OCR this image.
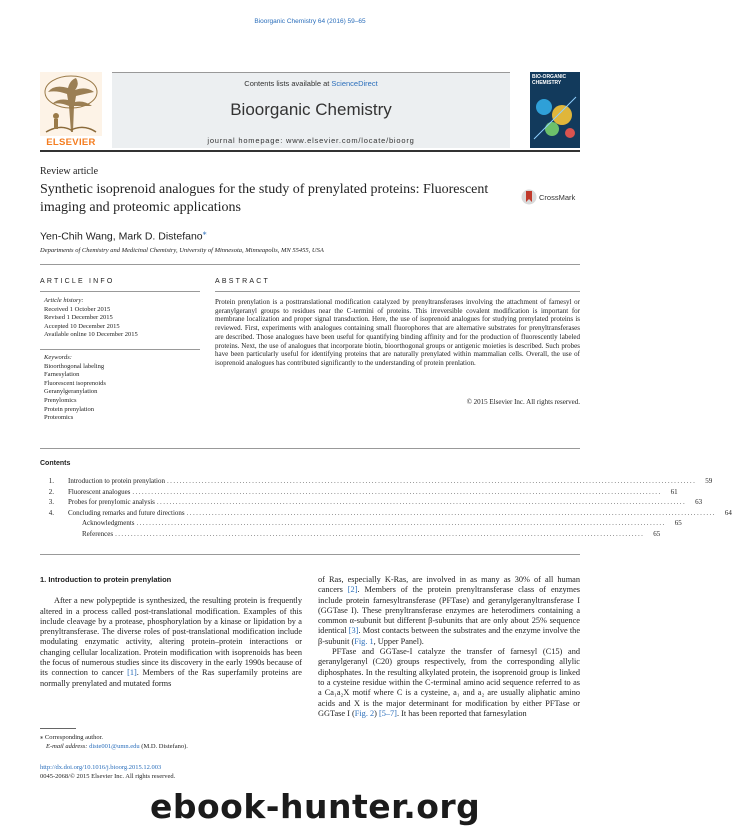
Bioorganic Chemistry 64 (2016) 59–65
ELSEVIER
Contents lists available at ScienceDirect
Bioorganic Chemistry
journal homepage: www.elsevier.com/locate/bioorg
BIO-ORGANIC CHEMISTRY
Review article
Synthetic isoprenoid analogues for the study of prenylated proteins: Fluorescent imaging and proteomic applications
CrossMark
Yen-Chih Wang, Mark D. Distefano⁎
Departments of Chemistry and Medicinal Chemistry, University of Minnesota, Minneapolis, MN 55455, USA
ARTICLE INFO	ABSTRACT
Article history:
Received 1 October 2015
Revised 1 December 2015
Accepted 10 December 2015
Available online 10 December 2015
Keywords:
Bioorthogonal labeling
Farnesylation
Fluorescent isoprenoids
Geranylgeranylation
Prenylomics
Protein prenylation
Proteomics
Protein prenylation is a posttranslational modification catalyzed by prenyltransferases involving the attachment of farnesyl or geranylgeranyl groups to residues near the C-termini of proteins. This irreversible covalent modification is important for membrane localization and proper signal transduction. Here, the use of isoprenoid analogues for studying prenylated proteins is reviewed. First, experiments with analogues containing small fluorophores that are alternative substrates for prenyltransferases are described. Those analogues have been useful for quantifying binding affinity and for the production of fluorescently labeled proteins. Next, the use of analogues that incorporate biotin, bioorthogonal groups or antigenic moieties is described. Such probes have been particularly useful for identifying proteins that are naturally prenylated within mammalian cells. Overall, the use of isoprenoid analogues has contributed significantly to the understanding of protein prenlation.
© 2015 Elsevier Inc. All rights reserved.
Contents
1.	Introduction to protein prenylation ........................................................................................................................................................................	59
2.	Fluorescent analogues ........................................................................................................................................................................	61
3.	Probes for prenylomic analysis ........................................................................................................................................................................	63
4.	Concluding remarks and future directions ........................................................................................................................................................................	64
Acknowledgments ........................................................................................................................................................................	65
References ........................................................................................................................................................................	65
1. Introduction to protein prenylation

After a new polypeptide is synthesized, the resulting protein is frequently altered in a process called post-translational modification. Examples of this include cleavage by a protease, phosphorylation by a kinase or lipidation by a prenyltransferase. The diverse roles of post-translational modification include modulating enzymatic activity, altering protein–protein interactions or changing cellular localization. Protein modification with isoprenoids has been the focus of numerous studies since its discovery in the early 1990s because of its connection to cancer [1]. Members of the Ras superfamily proteins are normally prenylated and mutated forms

of Ras, especially K-Ras, are involved in as many as 30% of all human cancers [2]. Members of the protein prenyltransferase class of enzymes include protein farnesyltransferase (PFTase) and geranylgeranyltransferase I (GGTase I). These prenyltransferase enzymes are heterodimers containing a common α-subunit but different β-subunits that are only about 25% sequence identical [3]. Most contacts between the substrates and the enzyme involve the β-subunit (Fig. 1, Upper Panel).

PFTase and GGTase-I catalyze the transfer of farnesyl (C15) and geranylgeranyl (C20) groups respectively, from the corresponding allylic diphosphates. In the resulting alkylated protein, the isoprenoid group is linked to a cysteine residue within the C-terminal amino acid sequence referred to as a Ca₁a₂X motif where C is a cysteine, a₁ and a₂ are usually aliphatic amino acids and X is the major determinant for modification by either PFTase or GGTase I (Fig. 2) [5–7]. It has been reported that farnesylation

⁎ Corresponding author.
E-mail address: diste001@umn.edu (M.D. Distefano).
http://dx.doi.org/10.1016/j.bioorg.2015.12.003
0045-2068/© 2015 Elsevier Inc. All rights reserved.
ebook-hunter.org
